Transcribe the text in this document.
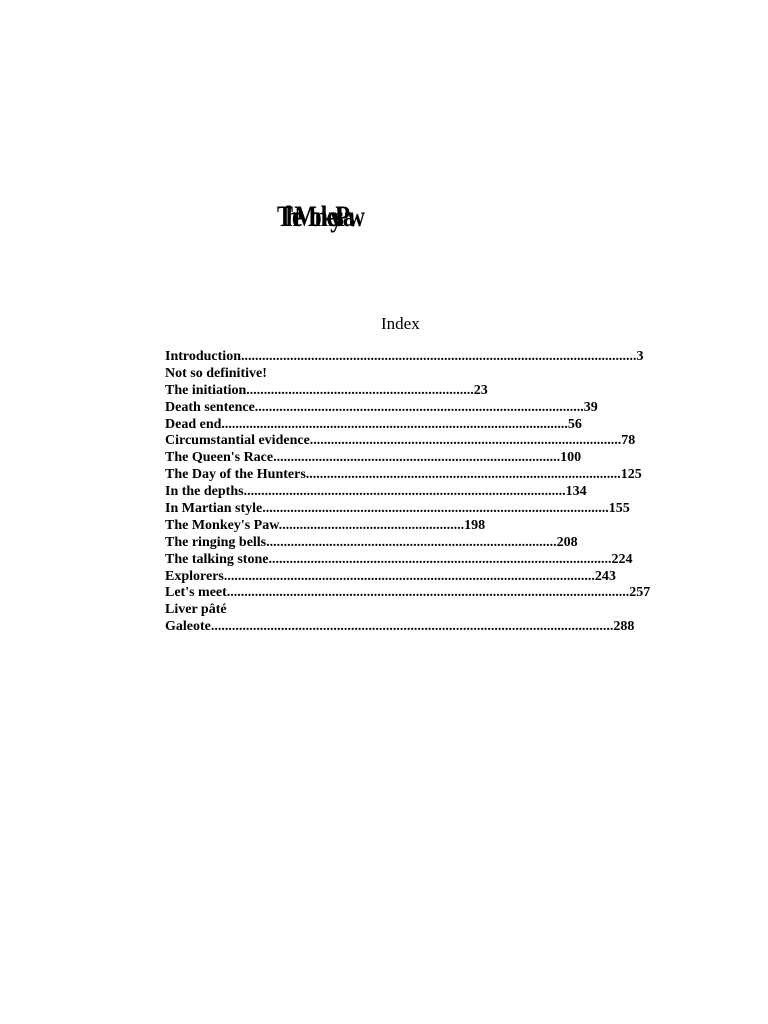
The Monkey's Paw
Index
Introduction.................................................................................................................3
Not so definitive!
The initiation.................................................................23
Death sentence..............................................................................................39
Dead end...................................................................................................56
Circumstantial evidence.........................................................................................78
The Queen's Race..................................................................................100
The Day of the Hunters..........................................................................................125
In the depths............................................................................................134
In Martian style...................................................................................................155
The Monkey's Paw.....................................................198
The ringing bells...................................................................................208
The talking stone..................................................................................................224
Explorers..........................................................................................................243
Let's meet...................................................................................................................257
Liver pâté
Galeote...................................................................................................................288
